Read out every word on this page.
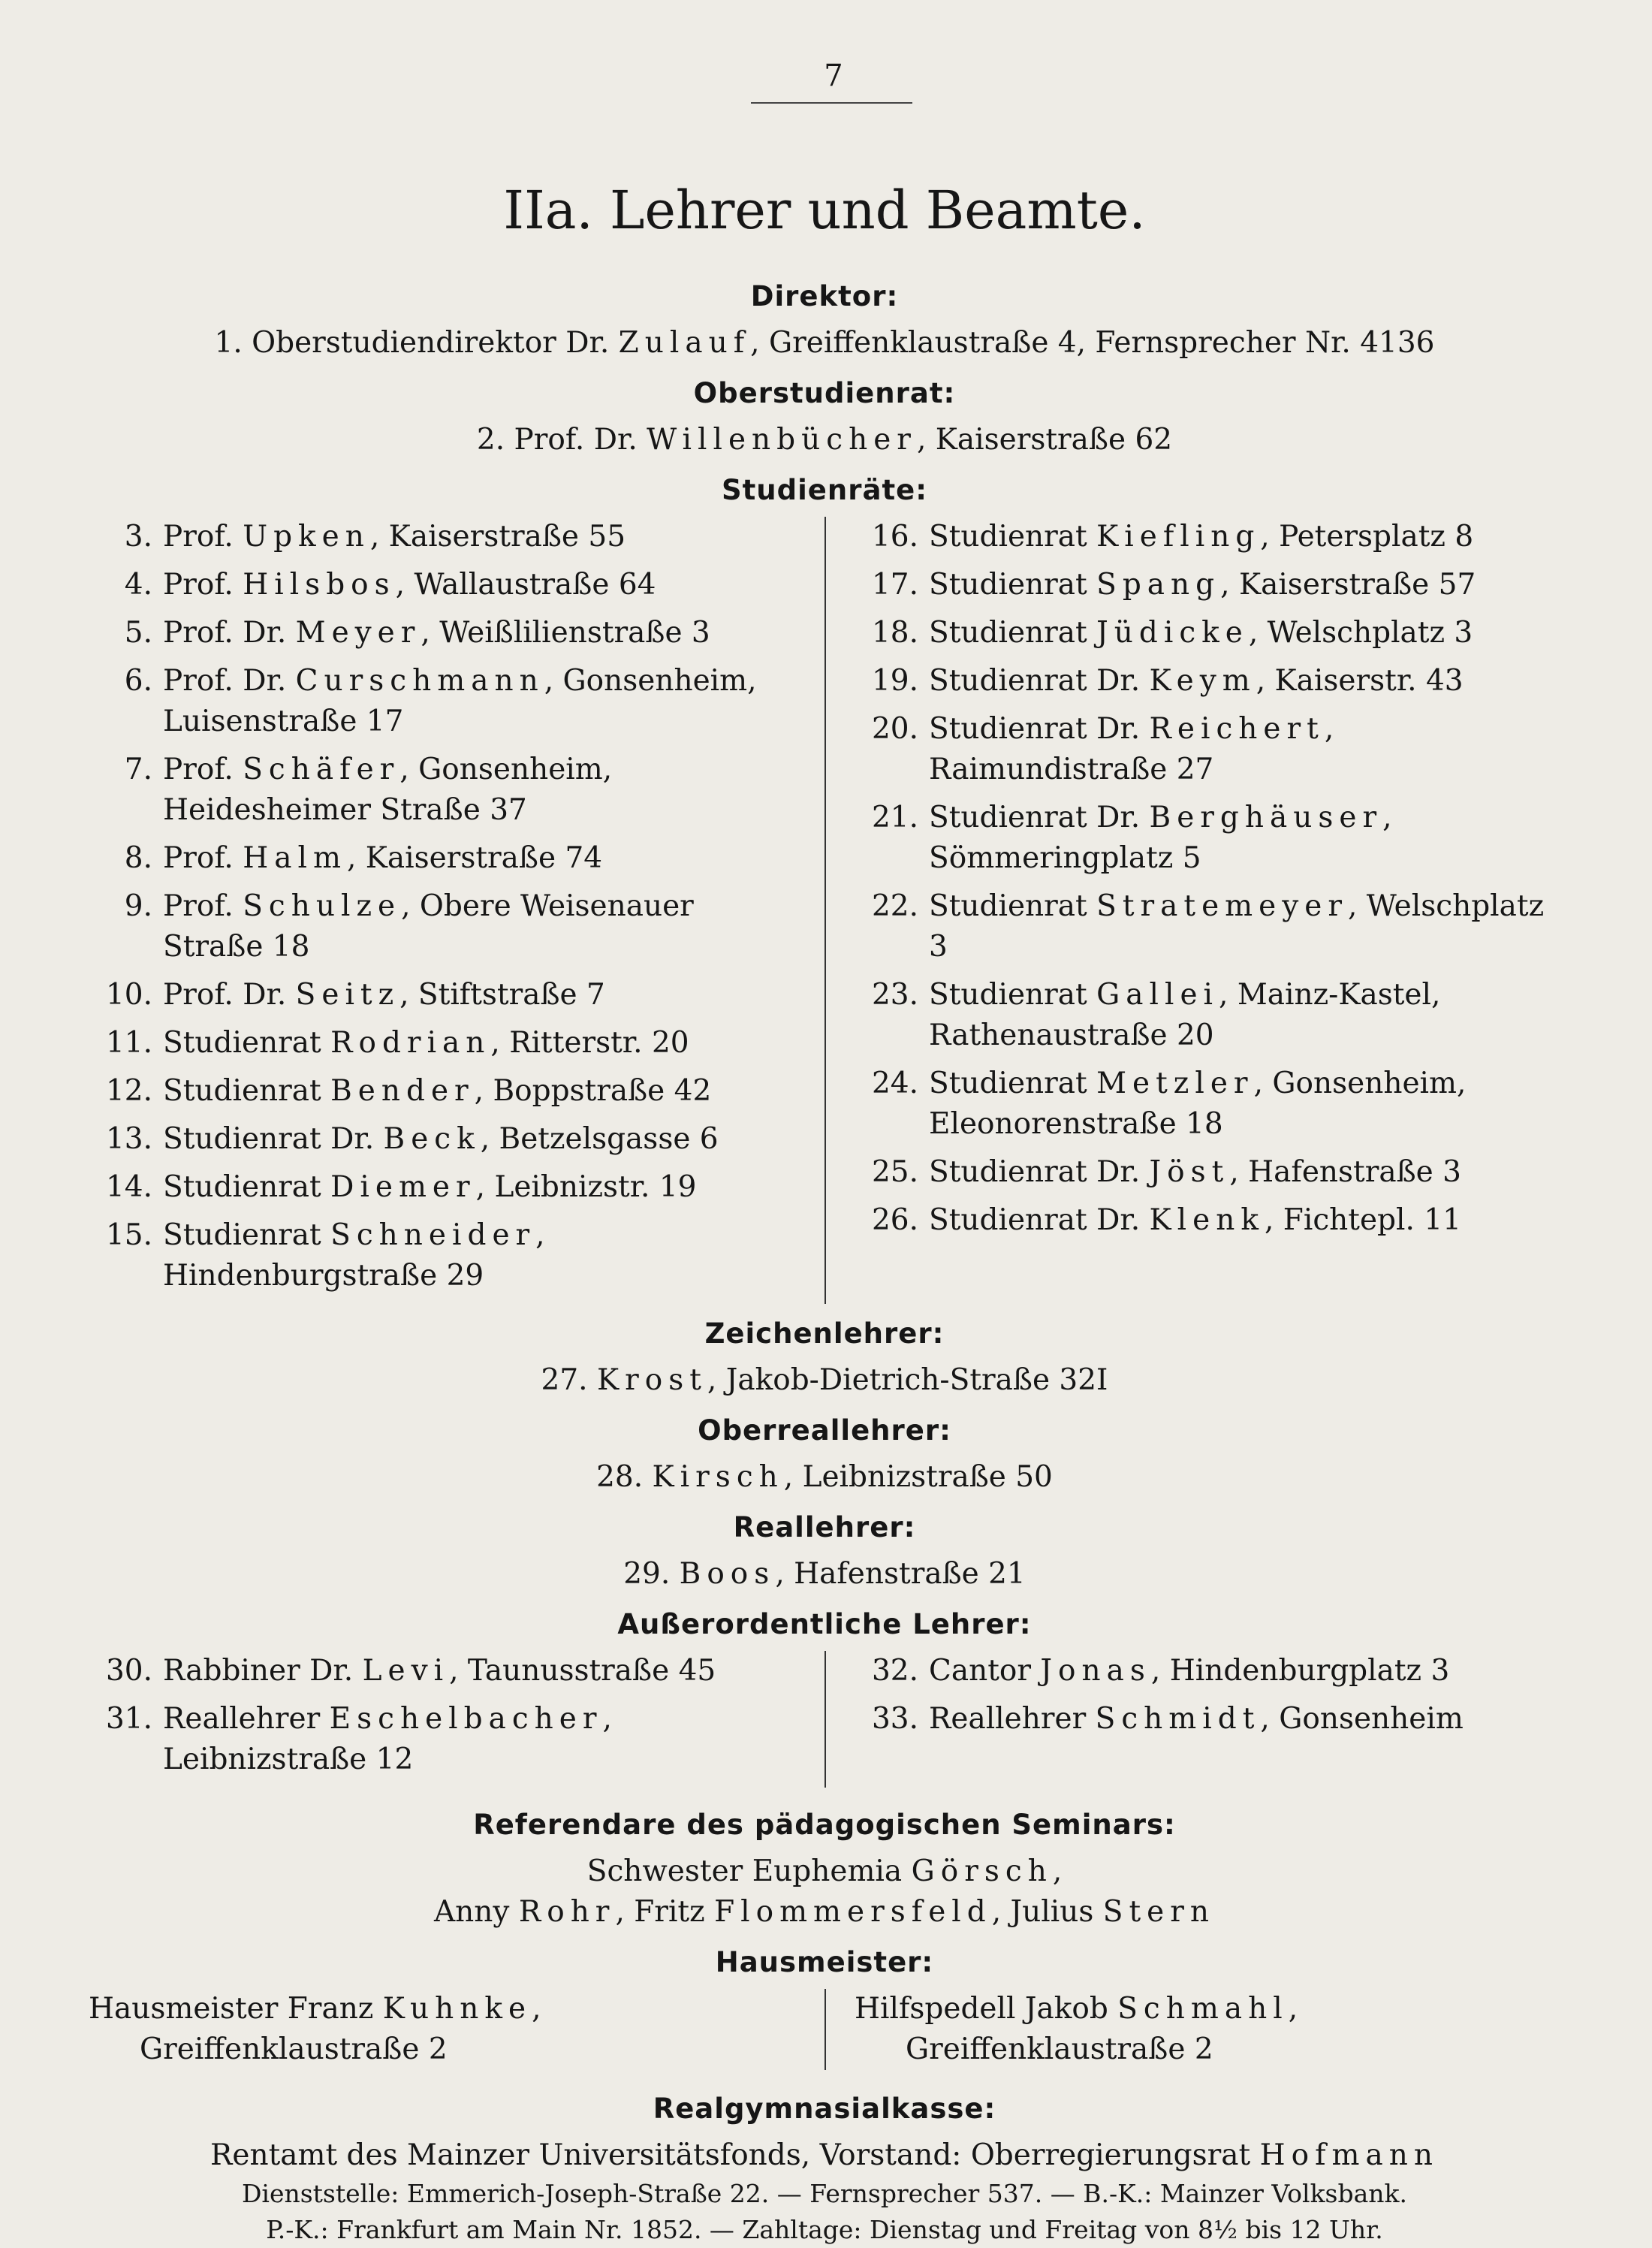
7
IIa. Lehrer und Beamte.
Direktor:
1. Oberstudiendirektor Dr. Zulauf, Greiffenklaustraße 4, Fernsprecher Nr. 4136
Oberstudienrat:
2. Prof. Dr. Willenbücher, Kaiserstraße 62
Studienräte:
3. Prof. Upken, Kaiserstraße 55
4. Prof. Hilsbos, Wallaustraße 64
5. Prof. Dr. Meyer, Weißlilienstraße 3
6. Prof. Dr. Curschmann, Gonsenheim, Luisenstraße 17
7. Prof. Schäfer, Gonsenheim, Heidesheimer Straße 37
8. Prof. Halm, Kaiserstraße 74
9. Prof. Schulze, Obere Weisenauer Straße 18
10. Prof. Dr. Seitz, Stiftstraße 7
11. Studienrat Rodrian, Ritterstr. 20
12. Studienrat Bender, Boppstraße 42
13. Studienrat Dr. Beck, Betzelsgasse 6
14. Studienrat Diemer, Leibnizstr. 19
15. Studienrat Schneider, Hindenburgstraße 29
16. Studienrat Kiefling, Petersplatz 8
17. Studienrat Spang, Kaiserstraße 57
18. Studienrat Jüdicke, Welschplatz 3
19. Studienrat Dr. Keym, Kaiserstr. 43
20. Studienrat Dr. Reichert, Raimundistraße 27
21. Studienrat Dr. Berghäuser, Sömmeringplatz 5
22. Studienrat Stratemeyer, Welschplatz 3
23. Studienrat Gallei, Mainz-Kastel, Rathenaustraße 20
24. Studienrat Metzler, Gonsenheim, Eleonorenstraße 18
25. Studienrat Dr. Jöst, Hafenstraße 3
26. Studienrat Dr. Klenk, Fichtepl. 11
Zeichenlehrer:
27. Krost, Jakob-Dietrich-Straße 32I
Oberreallehrer:
28. Kirsch, Leibnizstraße 50
Reallehrer:
29. Boos, Hafenstraße 21
Außerordentliche Lehrer:
30. Rabbiner Dr. Levi, Taunusstraße 45
31. Reallehrer Eschelbacher, Leibnizstraße 12
32. Cantor Jonas, Hindenburgplatz 3
33. Reallehrer Schmidt, Gonsenheim
Referendare des pädagogischen Seminars:
Schwester Euphemia Görsch,
Anny Rohr, Fritz Flommersfeld, Julius Stern
Hausmeister:
Hausmeister Franz Kuhnke, Greiffenklaustraße 2
Hilfspedell Jakob Schmahl, Greiffenklaustraße 2
Realgymnasialkasse:
Rentamt des Mainzer Universitätsfonds, Vorstand: Oberregierungsrat Hofmann
Dienststelle: Emmerich-Joseph-Straße 22. — Fernsprecher 537. — B.-K.: Mainzer Volksbank.
P.-K.: Frankfurt am Main Nr. 1852. — Zahltage: Dienstag und Freitag von 8½ bis 12 Uhr.
